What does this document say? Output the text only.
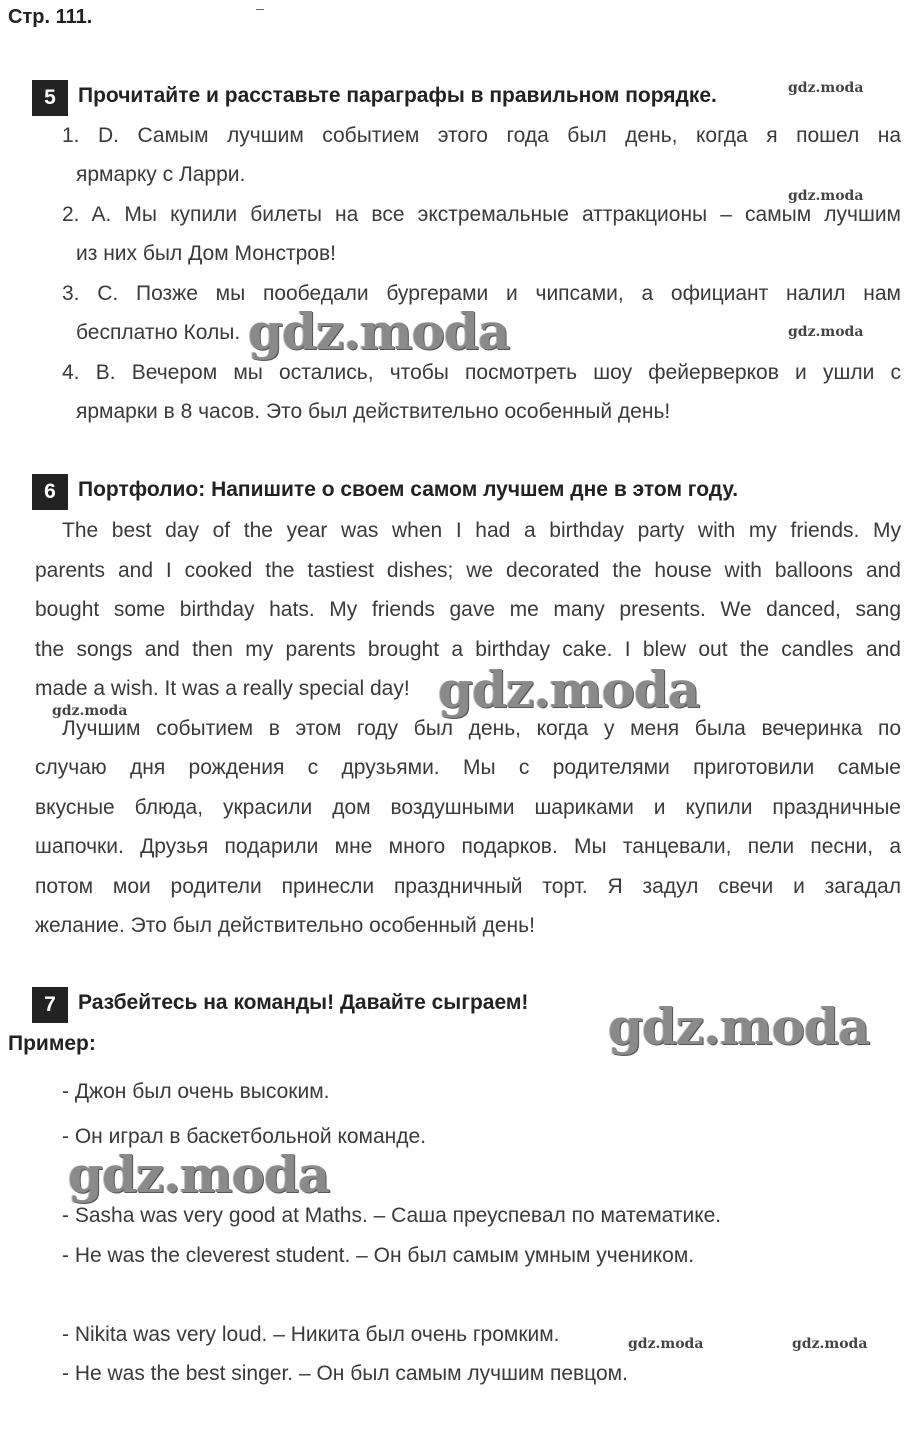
Стр. 111.	–
5	Прочитайте и расставьте параграфы в правильном порядке.
1. D. Самым лучшим событием этого года был день, когда я пошел на
ярмарку с Ларри.
2. A. Мы купили билеты на все экстремальные аттракционы – самым лучшим
из них был Дом Монстров!
3. C. Позже мы пообедали бургерами и чипсами, а официант налил нам
бесплатно Колы.
4. B. Вечером мы остались, чтобы посмотреть шоу фейерверков и ушли с
ярмарки в 8 часов. Это был действительно особенный день!
6	Портфолио: Напишите о своем самом лучшем дне в этом году.
The best day of the year was when I had a birthday party with my friends. My
parents and I cooked the tastiest dishes; we decorated the house with balloons and
bought some birthday hats. My friends gave me many presents. We danced, sang
the songs and then my parents brought a birthday cake. I blew out the candles and
made a wish. It was a really special day!
Лучшим событием в этом году был день, когда у меня была вечеринка по
случаю дня рождения с друзьями. Мы с родителями приготовили самые
вкусные блюда, украсили дом воздушными шариками и купили праздничные
шапочки. Друзья подарили мне много подарков. Мы танцевали, пели песни, а
потом мои родители принесли праздничный торт. Я задул свечи и загадал
желание. Это был действительно особенный день!
7	Разбейтесь на команды! Давайте сыграем!
Пример:
- Джон был очень высоким.
- Он играл в баскетбольной команде.
- Sasha was very good at Maths. – Саша преуспевал по математике.
- He was the cleverest student. – Он был самым умным учеником.
- Nikita was very loud. – Никита был очень громким.
- He was the best singer. – Он был самым лучшим певцом.
gdz.moda
gdz.moda
gdz.moda
gdz.moda
gdz.moda
gdz.moda
gdz.moda
gdz.moda
gdz.moda	gdz.moda
